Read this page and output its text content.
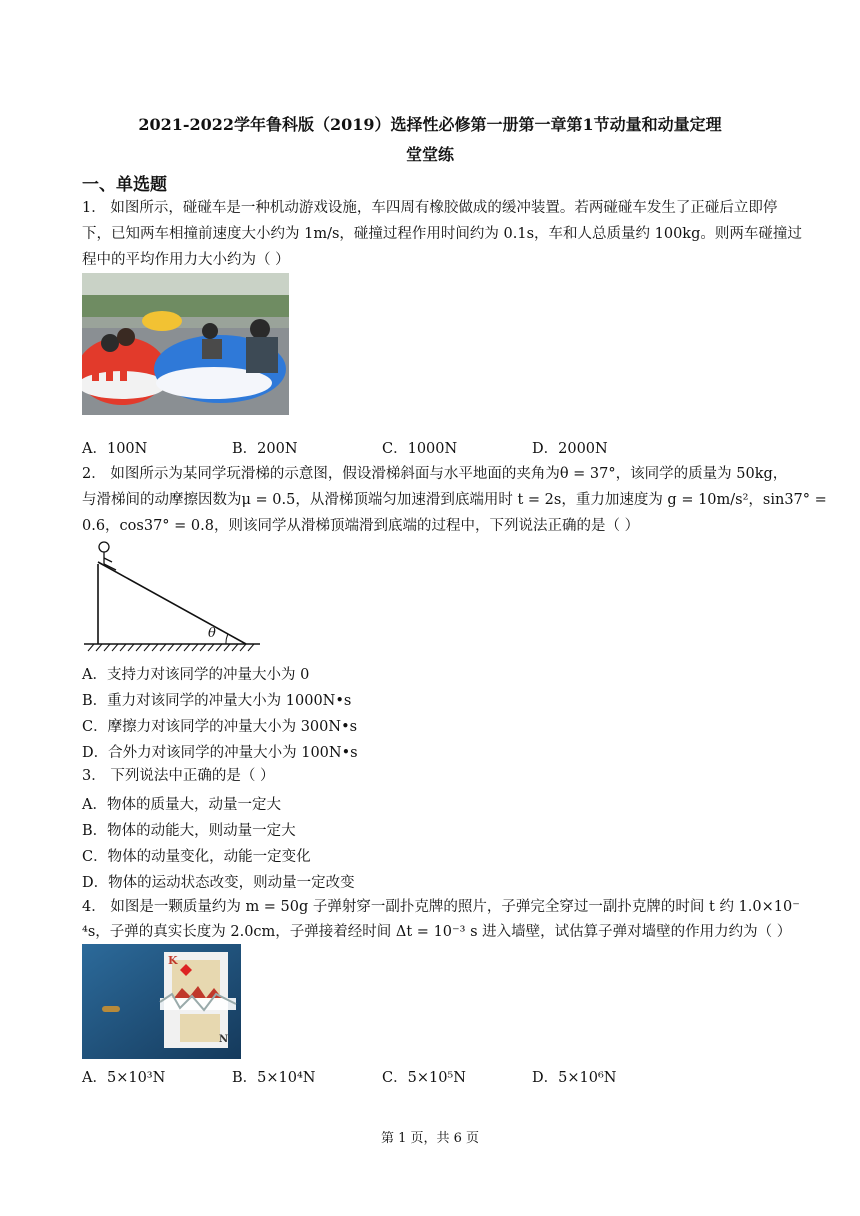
2021-2022学年鲁科版（2019）选择性必修第一册第一章第1节动量和动量定理
堂堂练
一、单选题
1． 如图所示，碰碰车是一种机动游戏设施，车四周有橡胶做成的缓冲装置。若两碰碰车发生了正碰后立即停
下，已知两车相撞前速度大小约为 1m/s，碰撞过程作用时间约为 0.1s，车和人总质量约 100kg。则两车碰撞过
程中的平均作用力大小约为（ ）
A．100N	B．200N	C．1000N	D．2000N
2． 如图所示为某同学玩滑梯的示意图，假设滑梯斜面与水平地面的夹角为θ = 37°，该同学的质量为 50kg，
与滑梯间的动摩擦因数为μ = 0.5，从滑梯顶端匀加速滑到底端用时 t = 2s，重力加速度为 g = 10m/s²，sin37° =
0.6，cos37° = 0.8，则该同学从滑梯顶端滑到底端的过程中，下列说法正确的是（ ）
θ
A．支持力对该同学的冲量大小为 0
B．重力对该同学的冲量大小为 1000N•s
C．摩擦力对该同学的冲量大小为 300N•s
D．合外力对该同学的冲量大小为 100N•s
3． 下列说法中正确的是（ ）
A．物体的质量大，动量一定大
B．物体的动能大，则动量一定大
C．物体的动量变化，动能一定变化
D．物体的运动状态改变，则动量一定改变
4． 如图是一颗质量约为 m = 50g 子弹射穿一副扑克牌的照片，子弹完全穿过一副扑克牌的时间 t 约 1.0×10⁻
⁴s，子弹的真实长度为 2.0cm，子弹接着经时间 Δt = 10⁻³ s 进入墙壁，试估算子弹对墙壁的作用力约为（ ）
K
N
A．5×10³N	B．5×10⁴N	C．5×10⁵N	D．5×10⁶N
第 1 页，共 6 页
